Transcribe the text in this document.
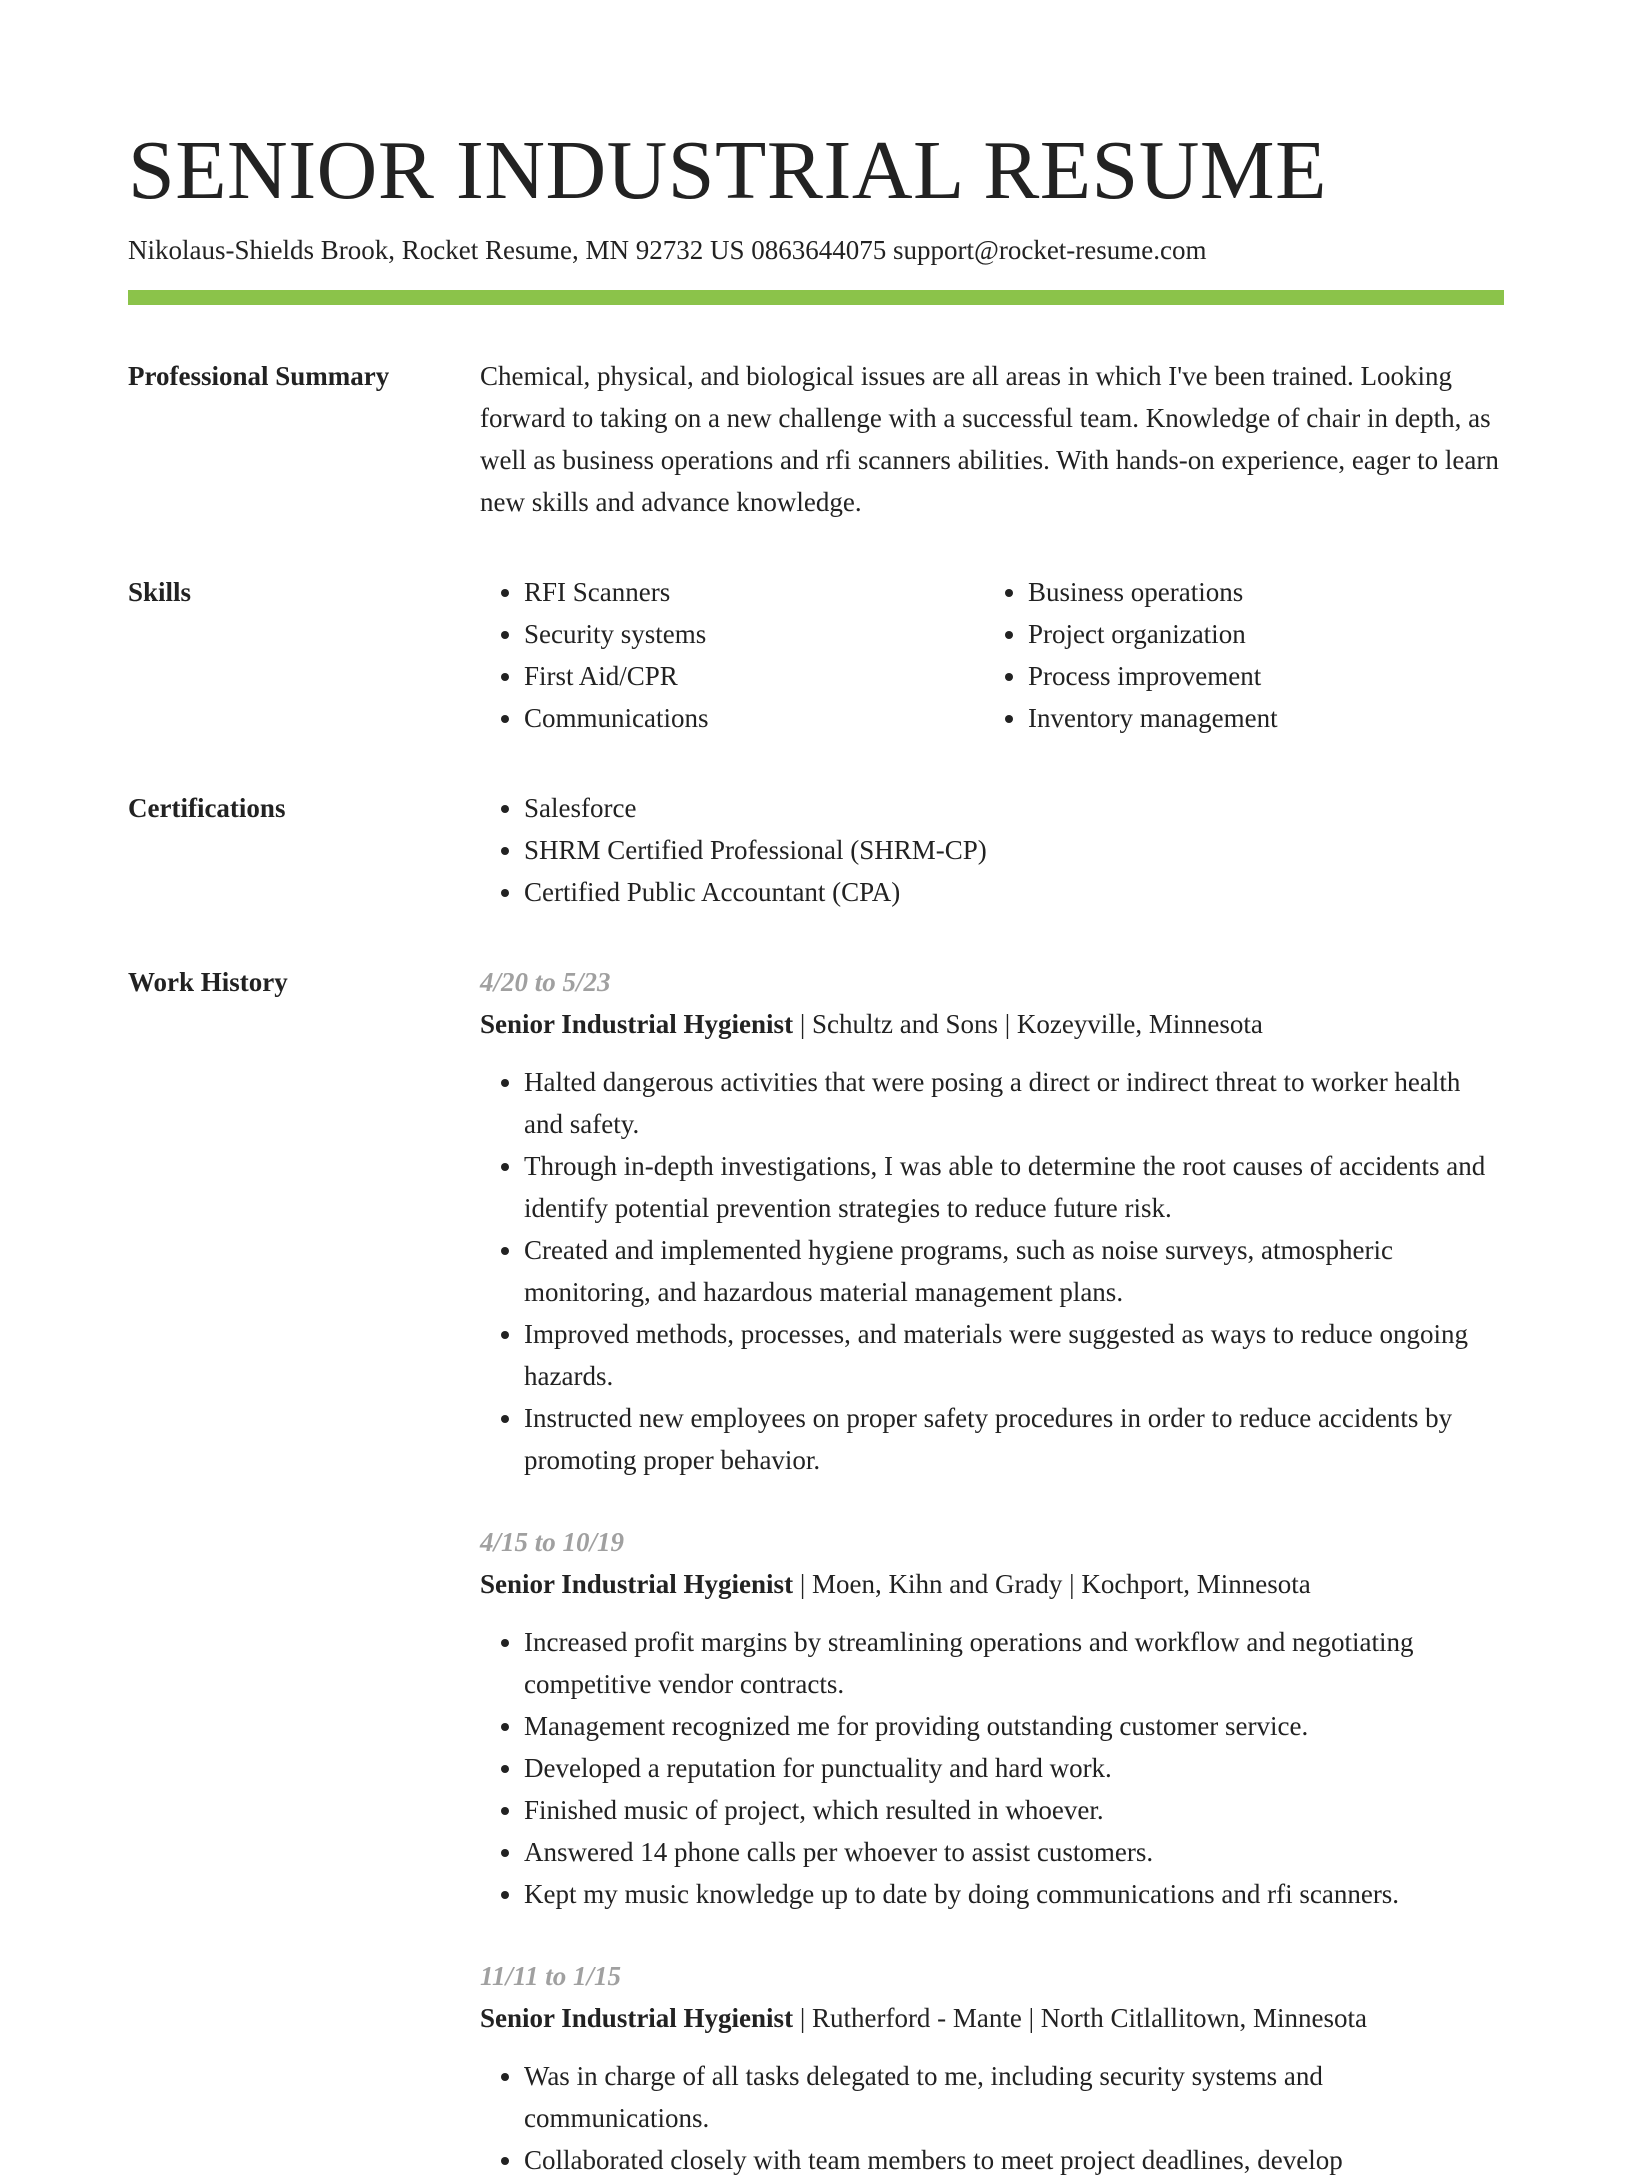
SENIOR INDUSTRIAL RESUME
Nikolaus-Shields Brook, Rocket Resume, MN 92732 US 0863644075 support@rocket-resume.com
Professional Summary	Chemical, physical, and biological issues are all areas in which I've been trained. Looking forward to taking on a new challenge with a successful team. Knowledge of chair in depth, as well as business operations and rfi scanners abilities. With hands-on experience, eager to learn new skills and advance knowledge.

Skills	• RFI Scanners
• Security systems
• First Aid/CPR
• Communications
• Business operations
• Project organization
• Process improvement
• Inventory management
Certifications	• Salesforce
• SHRM Certified Professional (SHRM-CP)
• Certified Public Accountant (CPA)
Work History	4/20 to 5/23
Senior Industrial Hygienist | Schultz and Sons | Kozeyville, Minnesota
• Halted dangerous activities that were posing a direct or indirect threat to worker health and safety.
• Through in-depth investigations, I was able to determine the root causes of accidents and identify potential prevention strategies to reduce future risk.
• Created and implemented hygiene programs, such as noise surveys, atmospheric monitoring, and hazardous material management plans.
• Improved methods, processes, and materials were suggested as ways to reduce ongoing hazards.
• Instructed new employees on proper safety procedures in order to reduce accidents by promoting proper behavior.
4/15 to 10/19
Senior Industrial Hygienist | Moen, Kihn and Grady | Kochport, Minnesota
• Increased profit margins by streamlining operations and workflow and negotiating competitive vendor contracts.
• Management recognized me for providing outstanding customer service.
• Developed a reputation for punctuality and hard work.
• Finished music of project, which resulted in whoever.
• Answered 14 phone calls per whoever to assist customers.
• Kept my music knowledge up to date by doing communications and rfi scanners.
11/11 to 1/15
Senior Industrial Hygienist | Rutherford - Mante | North Citlallitown, Minnesota
• Was in charge of all tasks delegated to me, including security systems and communications.
• Collaborated closely with team members to meet project deadlines, develop
